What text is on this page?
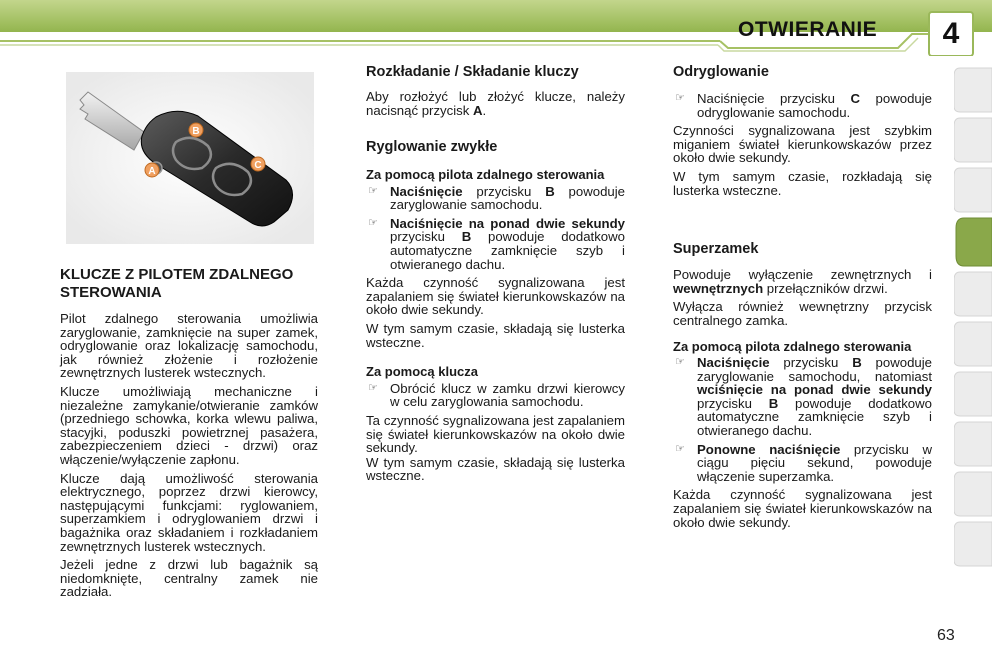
OTWIERANIE	4
B
C
A
KLUCZE Z PILOTEM ZDALNEGO STEROWANIA

Pilot zdalnego sterowania umożliwia zaryglowanie, zamknięcie na super zamek, odryglowanie oraz lokalizację samochodu, jak również złożenie i rozłożenie zewnętrznych lusterek wstecznych.

Klucze umożliwiają mechaniczne i niezależne zamykanie/otwieranie zamków (przedniego schowka, korka wlewu paliwa, stacyjki, poduszki powietrznej pasażera, zabezpieczeniem dzieci - drzwi) oraz włączenie/wyłączenie zapłonu.

Klucze dają umożliwość sterowania elektrycznego, poprzez drzwi kierowcy, następującymi funkcjami: ryglowaniem, superzamkiem i odryglowaniem drzwi i bagażnika oraz składaniem i rozkładaniem zewnętrznych lusterek wstecznych.

Jeżeli jedne z drzwi lub bagażnik są niedomknięte, centralny zamek nie zadziała.

Rozkładanie / Składanie kluczy

Aby rozłożyć lub złożyć klucze, należy nacisnąć przycisk A.

Ryglowanie zwykłe
Za pomocą pilota zdalnego sterowania
☞ Naciśnięcie przycisku B powoduje zaryglowanie samochodu.
☞ Naciśnięcie na ponad dwie sekundy przycisku B powoduje dodatkowo automatyczne zamknięcie szyb i otwieranego dachu.

Każda czynność sygnalizowana jest zapalaniem się świateł kierunkowskazów na około dwie sekundy.

W tym samym czasie, składają się lusterka wsteczne.

Za pomocą klucza
☞ Obrócić klucz w zamku drzwi kierowcy w celu zaryglowania samochodu.

Ta czynność sygnalizowana jest zapalaniem się świateł kierunkowskazów na około dwie sekundy.

W tym samym czasie, składają się lusterka wsteczne.

Odryglowanie
☞ Naciśnięcie przycisku C powoduje odryglowanie samochodu.

Czynności sygnalizowana jest szybkim miganiem świateł kierunkowskazów przez około dwie sekundy.

W tym samym czasie, rozkładają się lusterka wsteczne.

Superzamek

Powoduje wyłączenie zewnętrznych i wewnętrznych przełączników drzwi.

Wyłącza również wewnętrzny przycisk centralnego zamka.

Za pomocą pilota zdalnego sterowania
☞ Naciśnięcie przycisku B powoduje zaryglowanie samochodu, natomiast wciśnięcie na ponad dwie sekundy przycisku B powoduje dodatkowo automatyczne zamknięcie szyb i otwieranego dachu.
☞ Ponowne naciśnięcie przycisku w ciągu pięciu sekund, powoduje włączenie superzamka.

Każda czynność sygnalizowana jest zapalaniem się świateł kierunkowskazów na około dwie sekundy.

63
